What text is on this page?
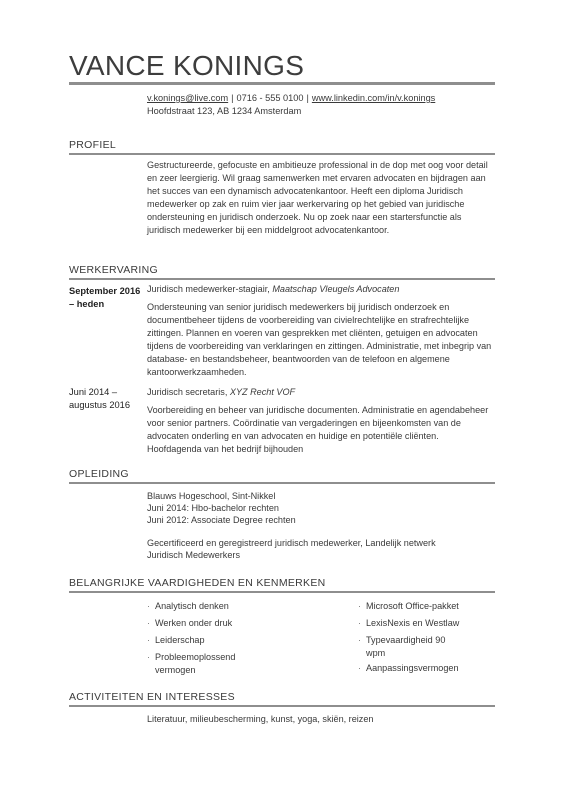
VANCE KONINGS
v.konings@live.com | 0716 - 555 0100 | www.linkedin.com/in/v.konings
Hoofdstraat 123, AB 1234 Amsterdam
PROFIEL

Gestructureerde, gefocuste en ambitieuze professional in de dop met oog voor detail en zeer leergierig. Wil graag samenwerken met ervaren advocaten en bijdragen aan het succes van een dynamisch advocatenkantoor. Heeft een diploma Juridisch medewerker op zak en ruim vier jaar werkervaring op het gebied van juridische ondersteuning en juridisch onderzoek. Nu op zoek naar een startersfunctie als juridisch medewerker bij een middelgroot advocatenkantoor.

WERKERVARING
September 2016 – heden
Juridisch medewerker-stagiair, Maatschap Vleugels Advocaten

Ondersteuning van senior juridisch medewerkers bij juridisch onderzoek en documentbeheer tijdens de voorbereiding van civielrechtelijke en strafrechtelijke zittingen. Plannen en voeren van gesprekken met cliënten, getuigen en advocaten tijdens de voorbereiding van verklaringen en zittingen. Administratie, met inbegrip van database- en bestandsbeheer, beantwoorden van de telefoon en algemene kantoorwerkzaamheden.

Juni 2014 – augustus 2016
Juridisch secretaris, XYZ Recht VOF

Voorbereiding en beheer van juridische documenten. Administratie en agendabeheer voor senior partners. Coördinatie van vergaderingen en bijeenkomsten van de advocaten onderling en van advocaten en huidige en potentiële cliënten. Hoofdagenda van het bedrijf bijhouden

OPLEIDING
Blauws Hogeschool, Sint-Nikkel
Juni 2014: Hbo-bachelor rechten
Juni 2012: Associate Degree rechten
Gecertificeerd en geregistreerd juridisch medewerker, Landelijk netwerk
Juridisch Medewerkers
BELANGRIJKE VAARDIGHEDEN EN KENMERKEN
· Analytisch denken
· Werken onder druk
· Leiderschap
· Probleemoplossend vermogen
· Microsoft Office-pakket
· LexisNexis en Westlaw
· Typevaardigheid 90 wpm
· Aanpassingsvermogen
ACTIVITEITEN EN INTERESSES
Literatuur, milieubescherming, kunst, yoga, skiën, reizen
